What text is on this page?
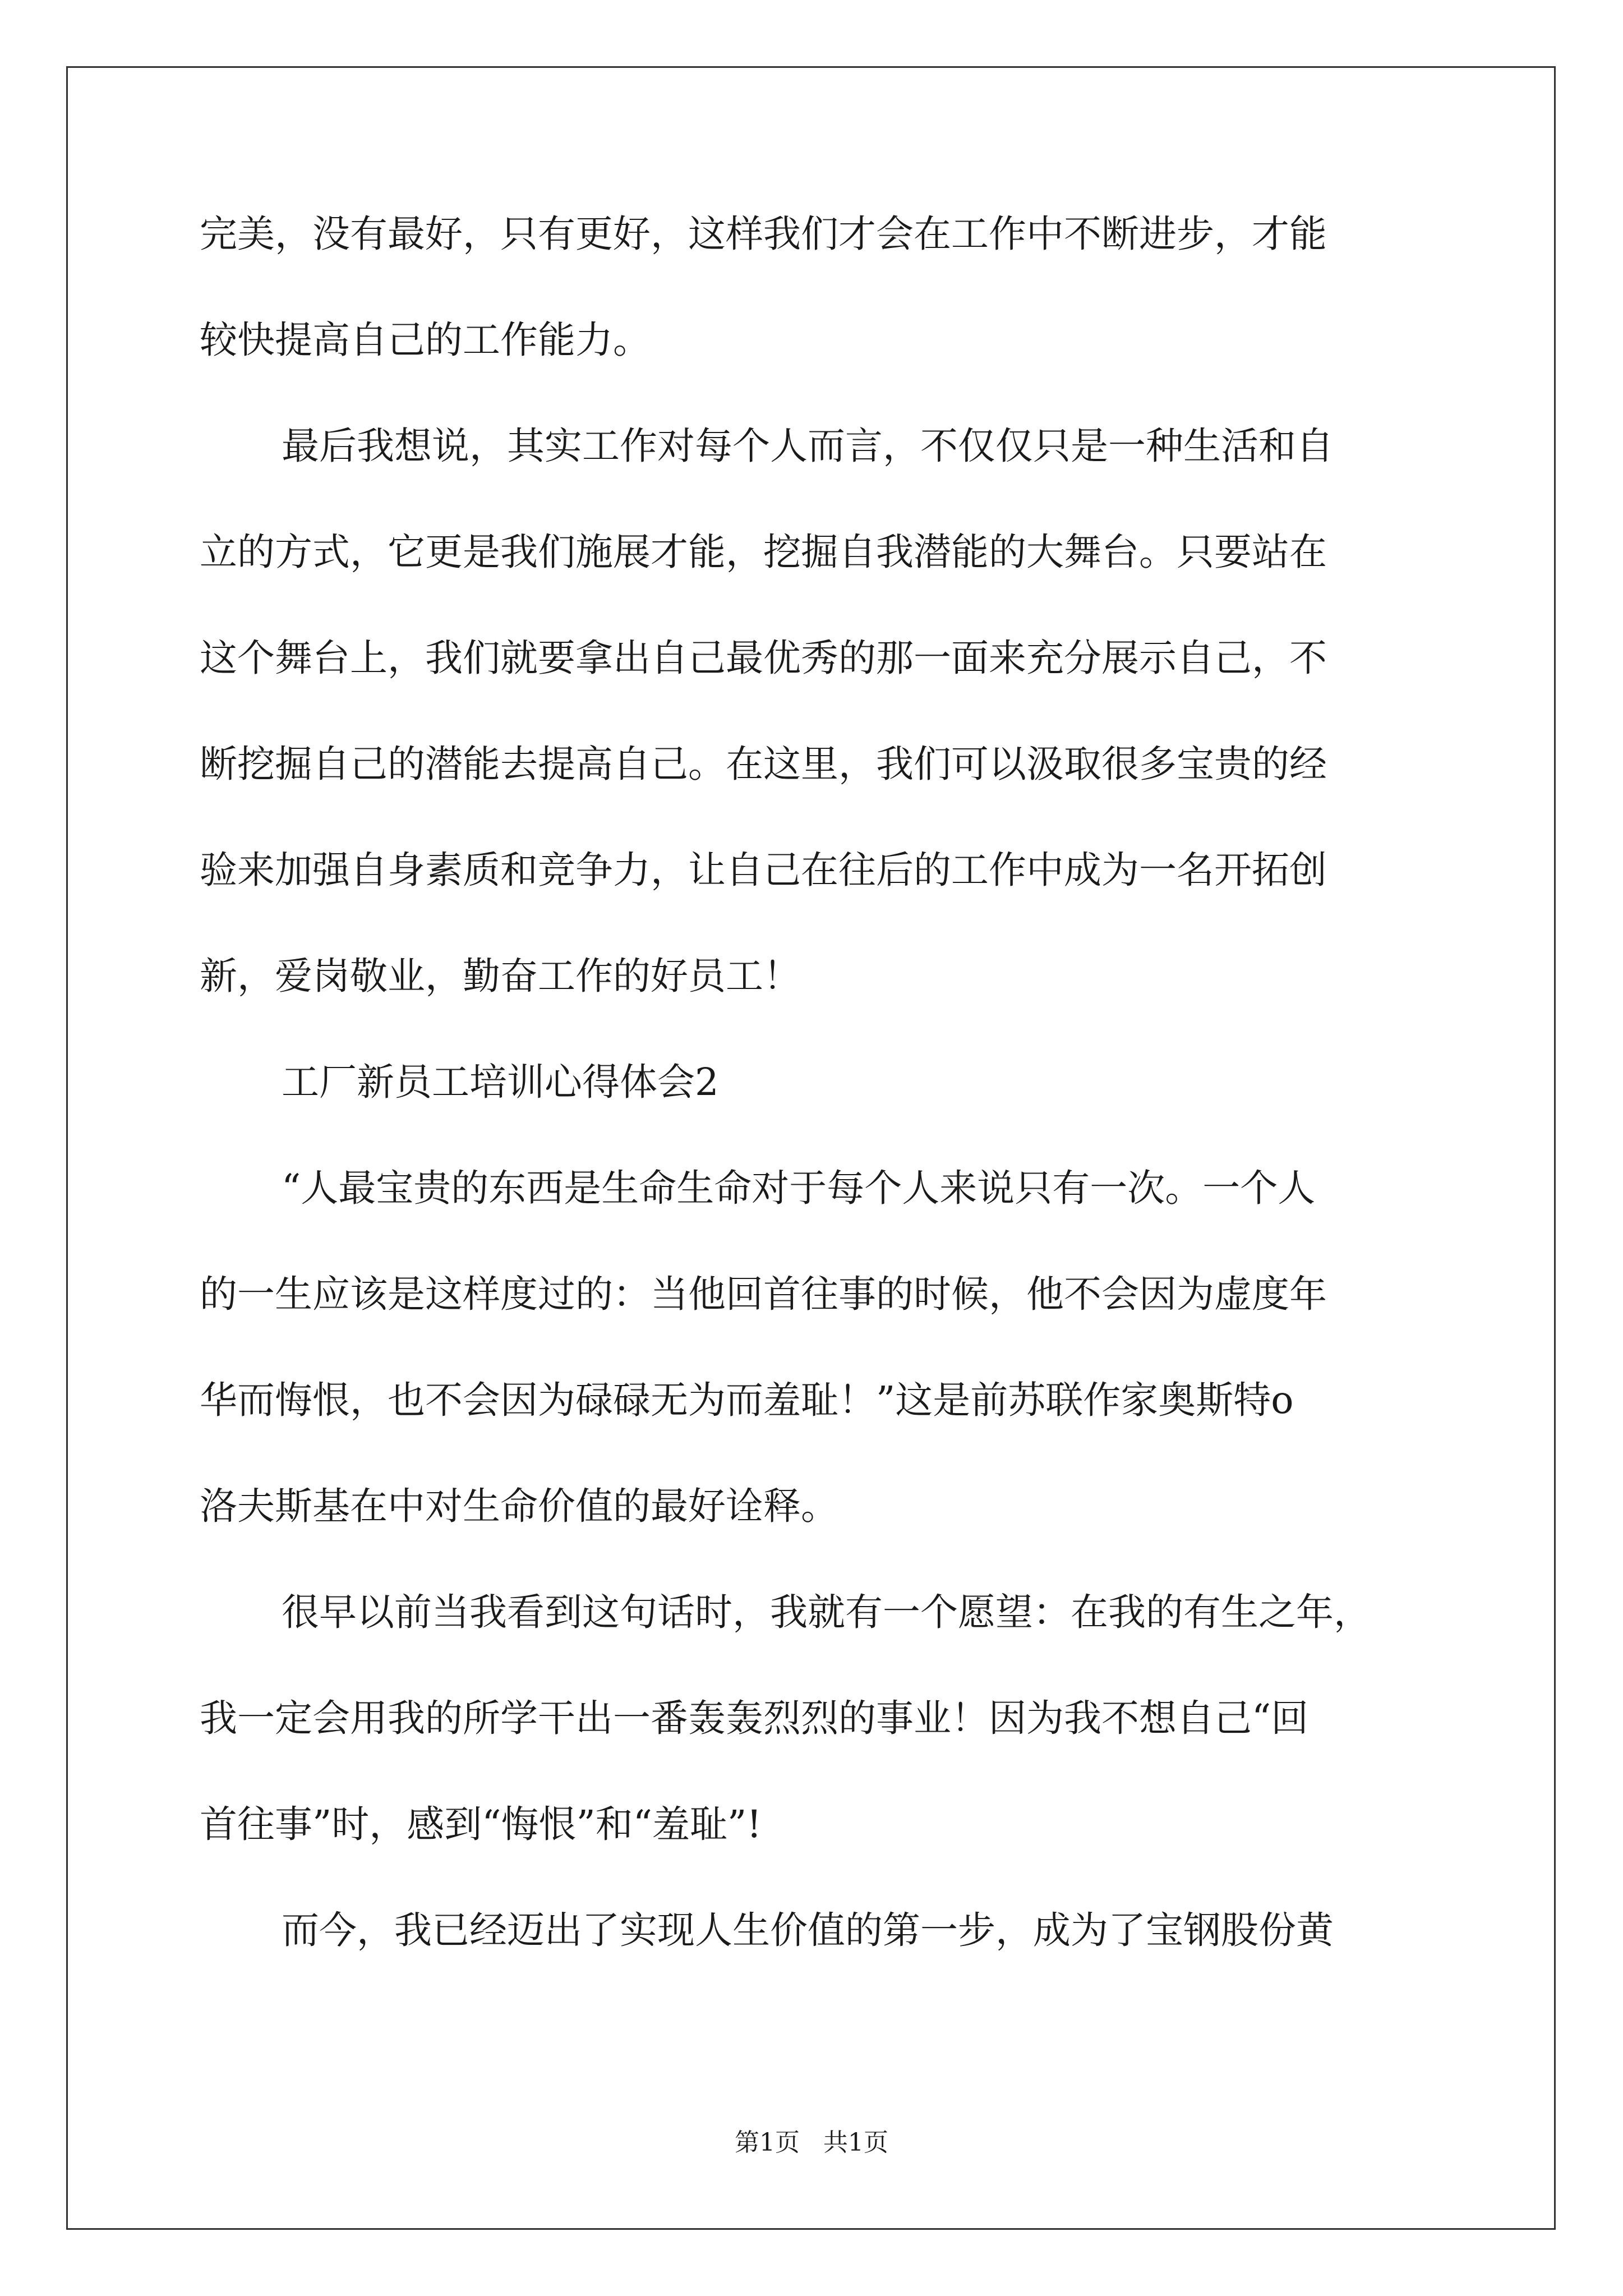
完美，没有最好，只有更好，这样我们才会在工作中不断进步，才能

较快提高自己的工作能力。

最后我想说，其实工作对每个人而言，不仅仅只是一种生活和自

立的方式，它更是我们施展才能，挖掘自我潜能的大舞台。只要站在

这个舞台上，我们就要拿出自己最优秀的那一面来充分展示自己，不

断挖掘自己的潜能去提高自己。在这里，我们可以汲取很多宝贵的经

验来加强自身素质和竞争力，让自己在往后的工作中成为一名开拓创

新，爱岗敬业，勤奋工作的好员工！

工厂新员工培训心得体会2

“人最宝贵的东西是生命生命对于每个人来说只有一次。一个人

的一生应该是这样度过的：当他回首往事的时候，他不会因为虚度年

华而悔恨，也不会因为碌碌无为而羞耻！”这是前苏联作家奥斯特ο

洛夫斯基在中对生命价值的最好诠释。

很早以前当我看到这句话时，我就有一个愿望：在我的有生之年，

我一定会用我的所学干出一番轰轰烈烈的事业！因为我不想自己“回

首往事”时，感到“悔恨”和“羞耻”!

而今，我已经迈出了实现人生价值的第一步，成为了宝钢股份黄

第1页   共1页
